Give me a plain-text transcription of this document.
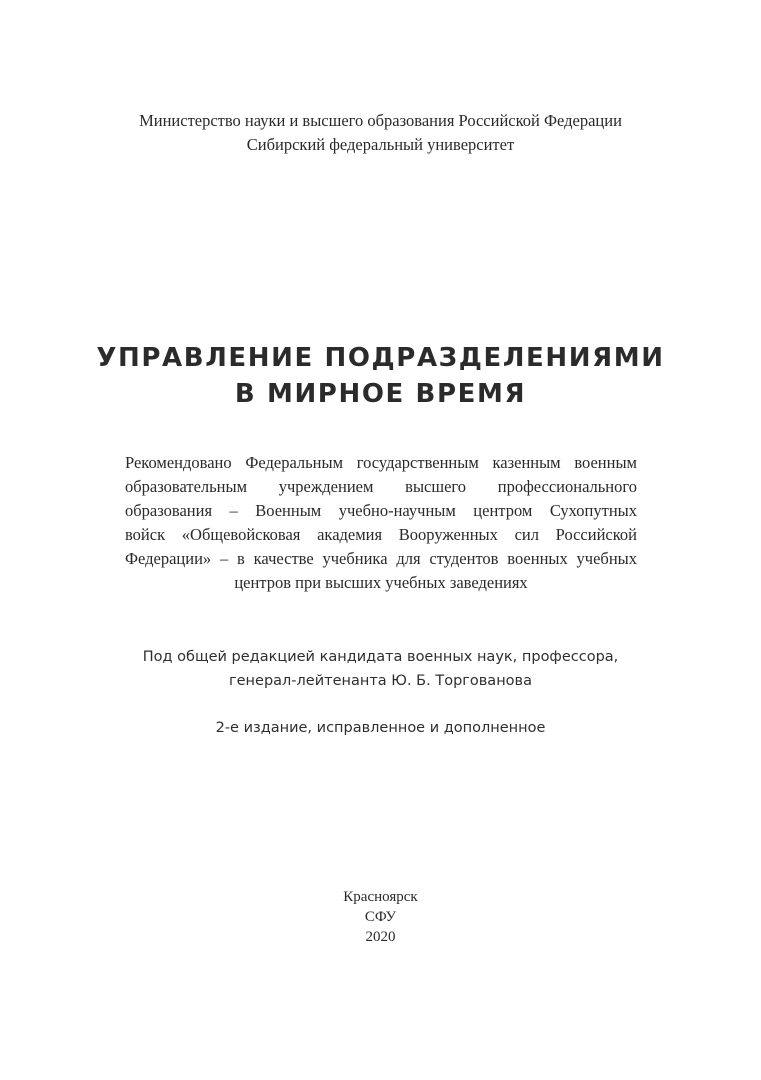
Министерство науки и высшего образования Российской Федерации
Сибирский федеральный университет
УПРАВЛЕНИЕ ПОДРАЗДЕЛЕНИЯМИ
В МИРНОЕ ВРЕМЯ
Рекомендовано Федеральным государственным казенным военным
образовательным учреждением высшего профессионального
образования – Военным учебно-научным центром Сухопутных
войск «Общевойсковая академия Вооруженных сил Российской
Федерации» – в качестве учебника для студентов военных учебных
центров при высших учебных заведениях
Под общей редакцией кандидата военных наук, профессора,
генерал-лейтенанта Ю. Б. Торгованова
2-е издание, исправленное и дополненное
Красноярск
СФУ
2020
